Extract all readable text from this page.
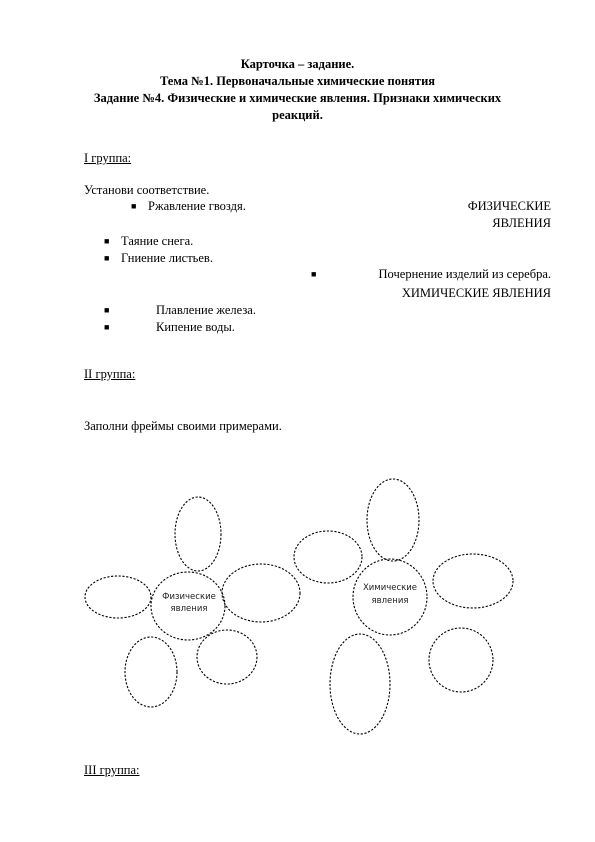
Карточка – задание.
Тема №1. Первоначальные химические понятия
Задание №4. Физические и химические явления. Признаки химических
реакций.
I группа:
Установи соответствие.
■ Ржавление гвоздя.	ФИЗИЧЕСКИЕ
ЯВЛЕНИЯ
■ Таяние снега.
■ Гниение листьев.
■	Почернение изделий из серебра.
ХИМИЧЕСКИЕ ЯВЛЕНИЯ
■	Плавление железа.
■	Кипение воды.
II группа:
Заполни фреймы своими примерами.
Физические
явления
Химические
явления
III группа:
